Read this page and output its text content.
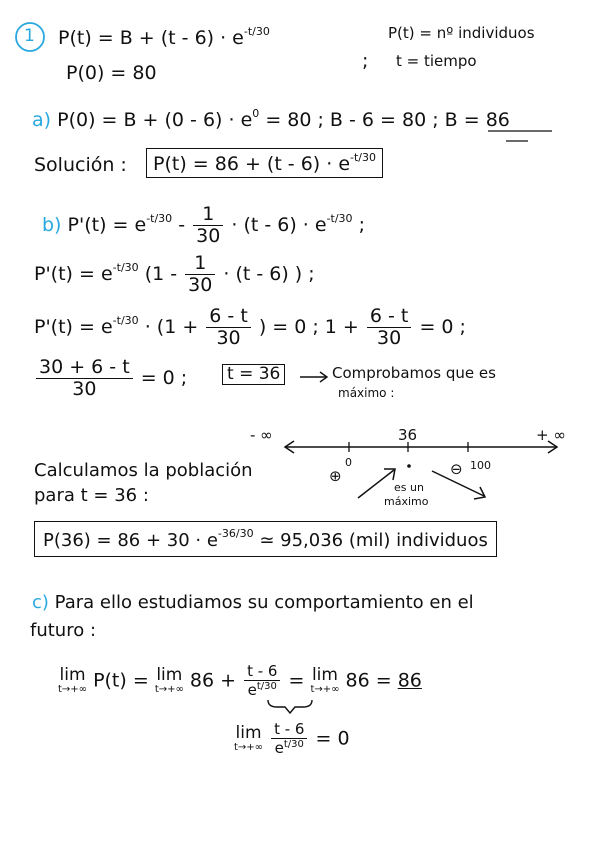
1 $P(t) = B + (t - 6) \cdot e^{-t/30}$
P(0) = 80
;
P(t) = nº individuos
t = tiempo
a) $P(0) = B + (0 - 6) \cdot e^0 = 80$ ; B - 6 = 80 ; B = 86
Solución :	$P(t) = 86 + (t - 6) \cdot e^{-t/30}$
b) $P'(t) = e^{-t/30} - \frac{1}{30} \cdot (t - 6) \cdot e^{-t/30}$ ;
$P'(t) = e^{-t/30}$ ($1 - \frac{1}{30} \cdot (t - 6)$ ) ;
$P'(t) = e^{-t/30} \cdot (1 + \frac{6 - t}{30}$ ) = 0 ; $1 + \frac{6 - t}{30} = 0$ ;
$\frac{30 + 6 - t}{30} = 0$ ; t = 36	Comprobamos que es
máximo :
- ∞	36	+ ∞
⊕
0	⊖ 100
es un
máximo
Calculamos la población
para t = 36 :
$P(36) = 86 + 30 \cdot e^{-36/30}$ ≃ 95,036 (mil) individuos
c) Para ello estudiamos su comportamiento en el
futuro :
lim
t→+∞ P(t) = lim
t→+∞ $86 + \frac{t - 6}{e^{t/30}} = \lim$
t→+∞ 86 = 86
lim
t→+∞
$\frac{t - 6}{e^{t/30}} = 0$
